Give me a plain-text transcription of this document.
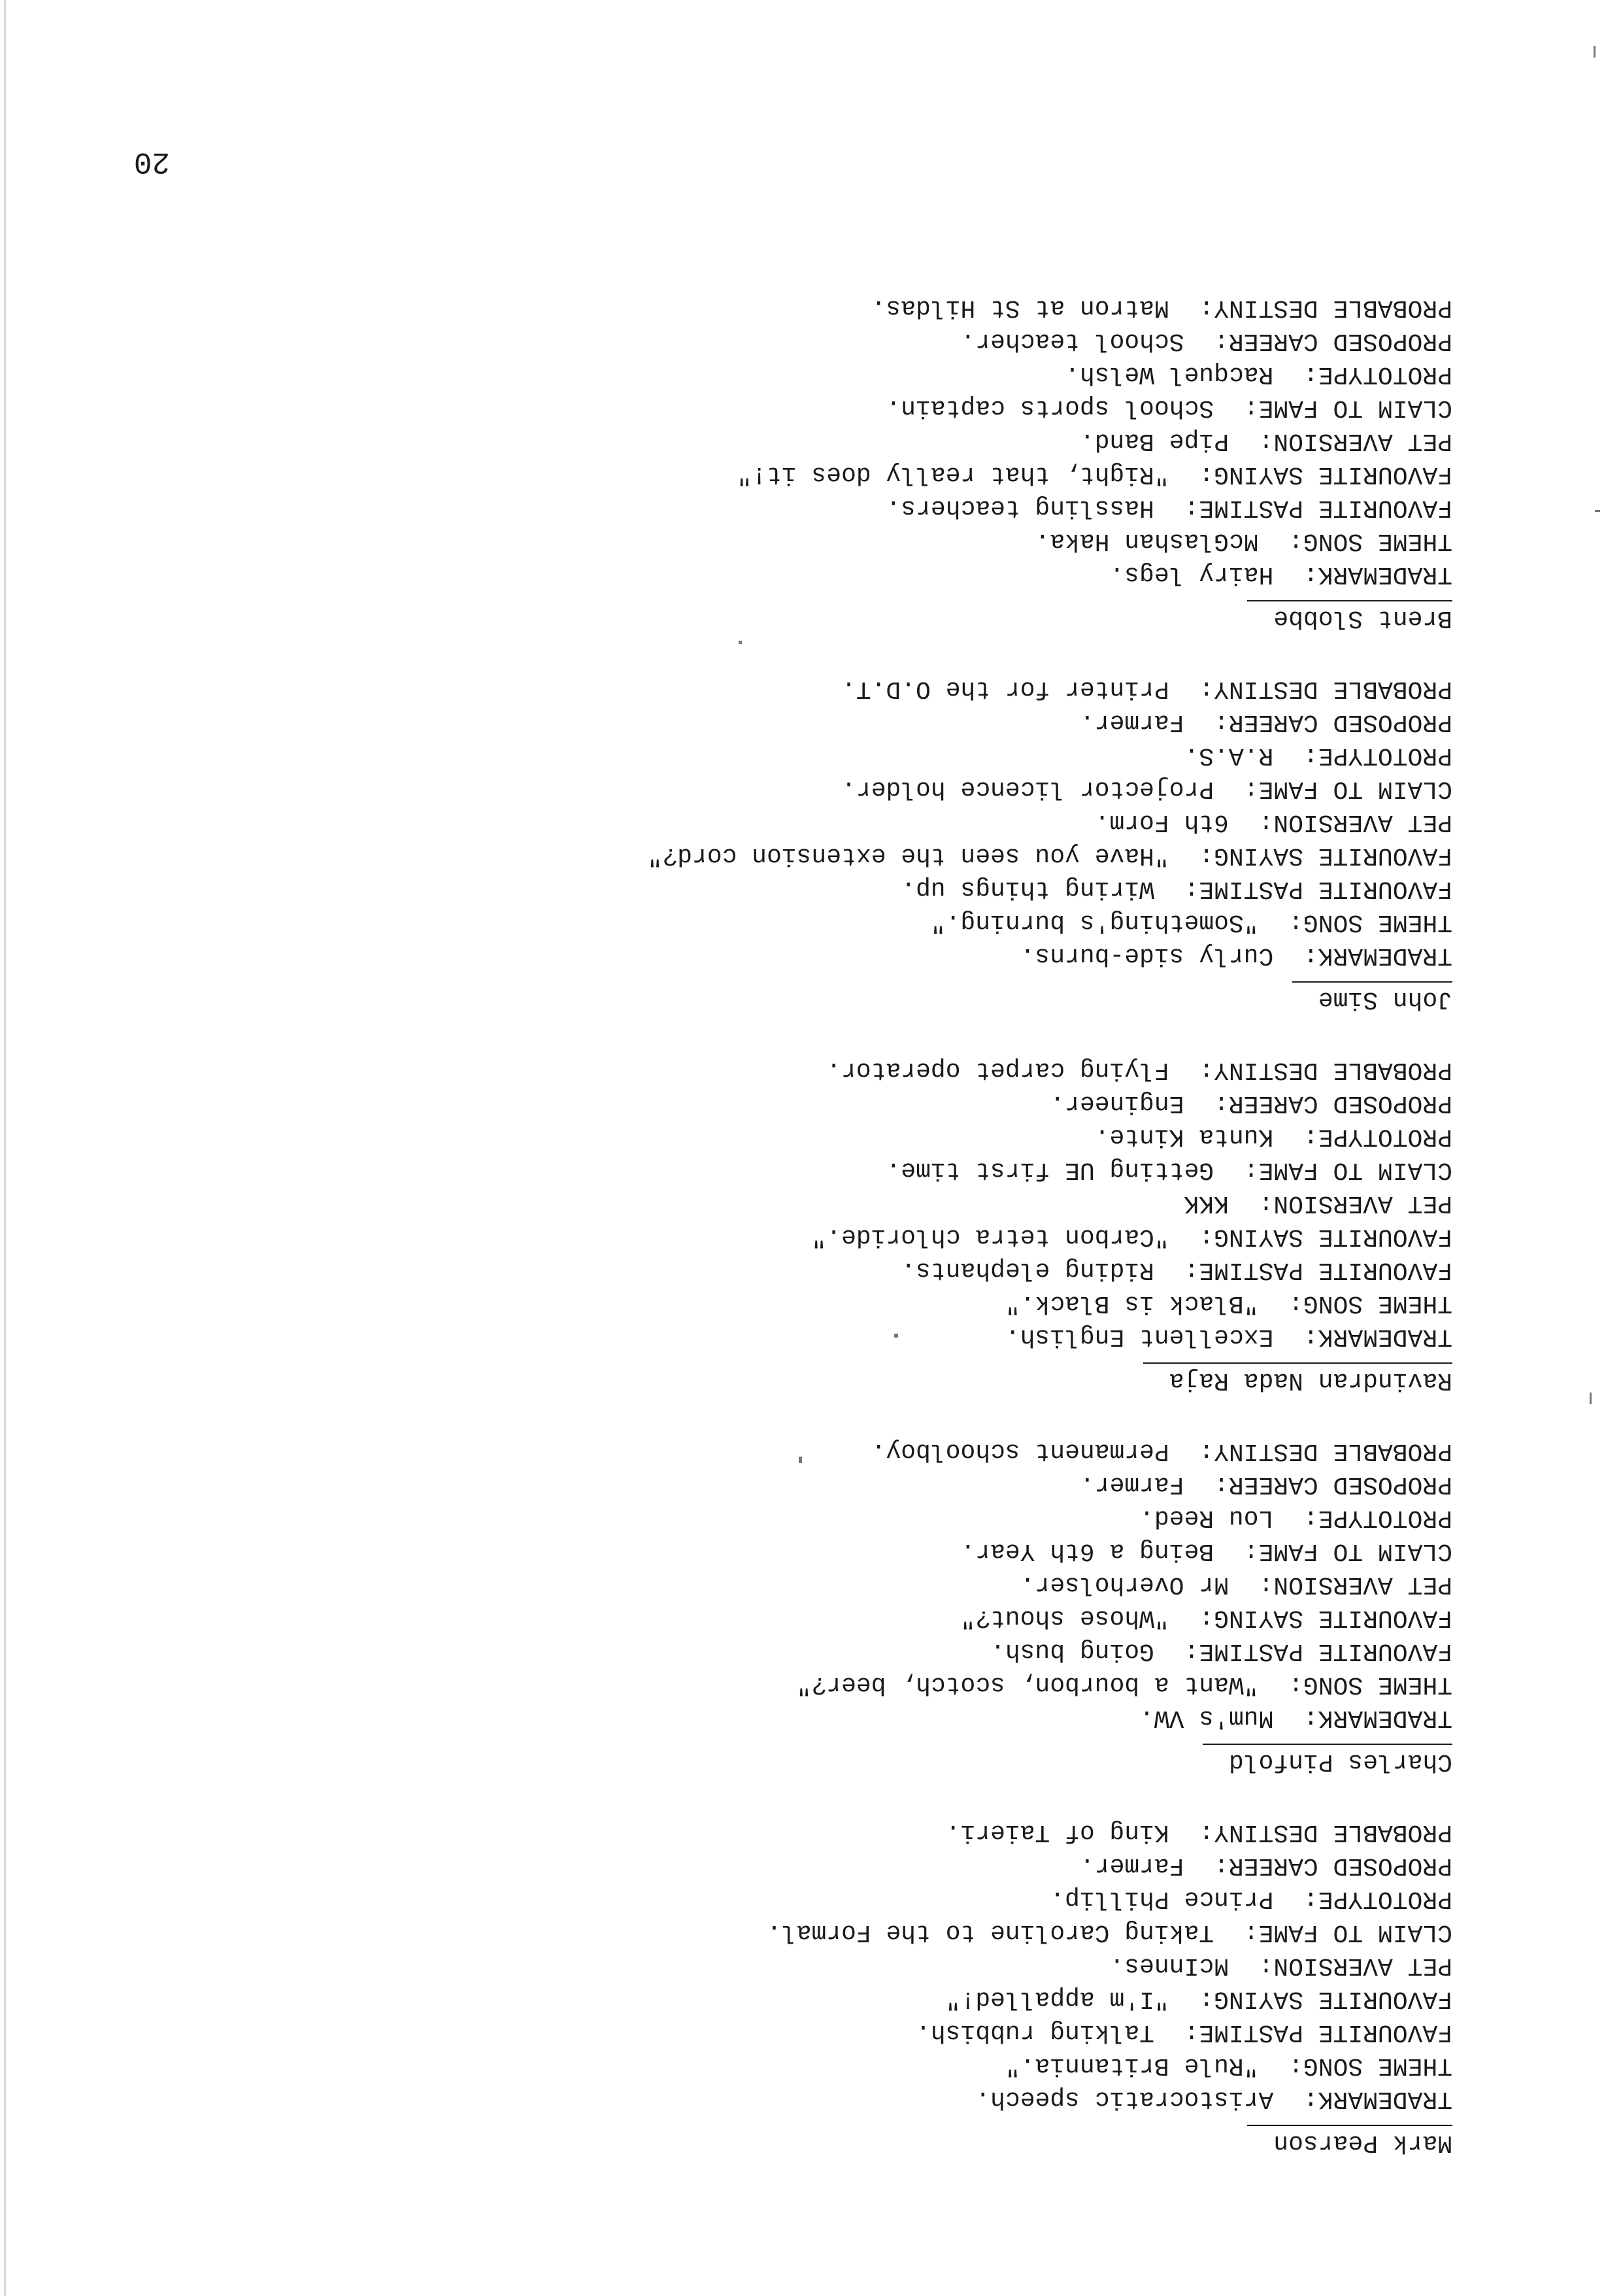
20
Mark Pearson
TRADEMARK:  Aristocratic speech.
THEME SONG:  "Rule Britannia."
FAVOURITE PASTIME:  Talking rubbish.
FAVOURITE SAYING:  "I'm appalled!"
PET AVERSION:  McInnes.
CLAIM TO FAME:  Taking Caroline to the Formal.
PROTOTYPE:  Prince Phillip.
PROPOSED CAREER:  Farmer.
PROBABLE DESTINY:  King of Taieri.
Charles Pinfold
TRADEMARK:  Mum's VW.
THEME SONG:  "Want a bourbon, scotch, beer?"
FAVOURITE PASTIME:  Going bush.
FAVOURITE SAYING:  "Whose shout?"
PET AVERSION:  Mr Overholser.
CLAIM TO FAME:  Being a 6th Year.
PROTOTYPE:  Lou Reed.
PROPOSED CAREER:  Farmer.
PROBABLE DESTINY:  Permanent schoolboy.
Ravindran Nada Raja
TRADEMARK:  Excellent English.
THEME SONG:  "Black is Black."
FAVOURITE PASTIME:  Riding elephants.
FAVOURITE SAYING:  "Carbon tetra chloride."
PET AVERSION:  KKK
CLAIM TO FAME:  Getting UE first time.
PROTOTYPE:  Kunta Kinte.
PROPOSED CAREER:  Engineer.
PROBABLE DESTINY:  Flying carpet operator.
John Sime
TRADEMARK:  Curly side-burns.
THEME SONG:  "Something's burning."
FAVOURITE PASTIME:  Wiring things up.
FAVOURITE SAYING:  "Have you seen the extension cord?"
PET AVERSION:  6th Form.
CLAIM TO FAME:  Projector licence holder.
PROTOTYPE:  R.A.S.
PROPOSED CAREER:  Farmer.
PROBABLE DESTINY:  Printer for the O.D.T.
Brent Slobbe
TRADEMARK:  Hairy legs.
THEME SONG:  McGlashan Haka.
FAVOURITE PASTIME:  Hassling teachers.
FAVOURITE SAYING:  "Right, that really does it!"
PET AVERSION:  Pipe Band.
CLAIM TO FAME:  School sports captain.
PROTOTYPE:  Racquel Welsh.
PROPOSED CAREER:  School teacher.
PROBABLE DESTINY:  Matron at St Hildas.
